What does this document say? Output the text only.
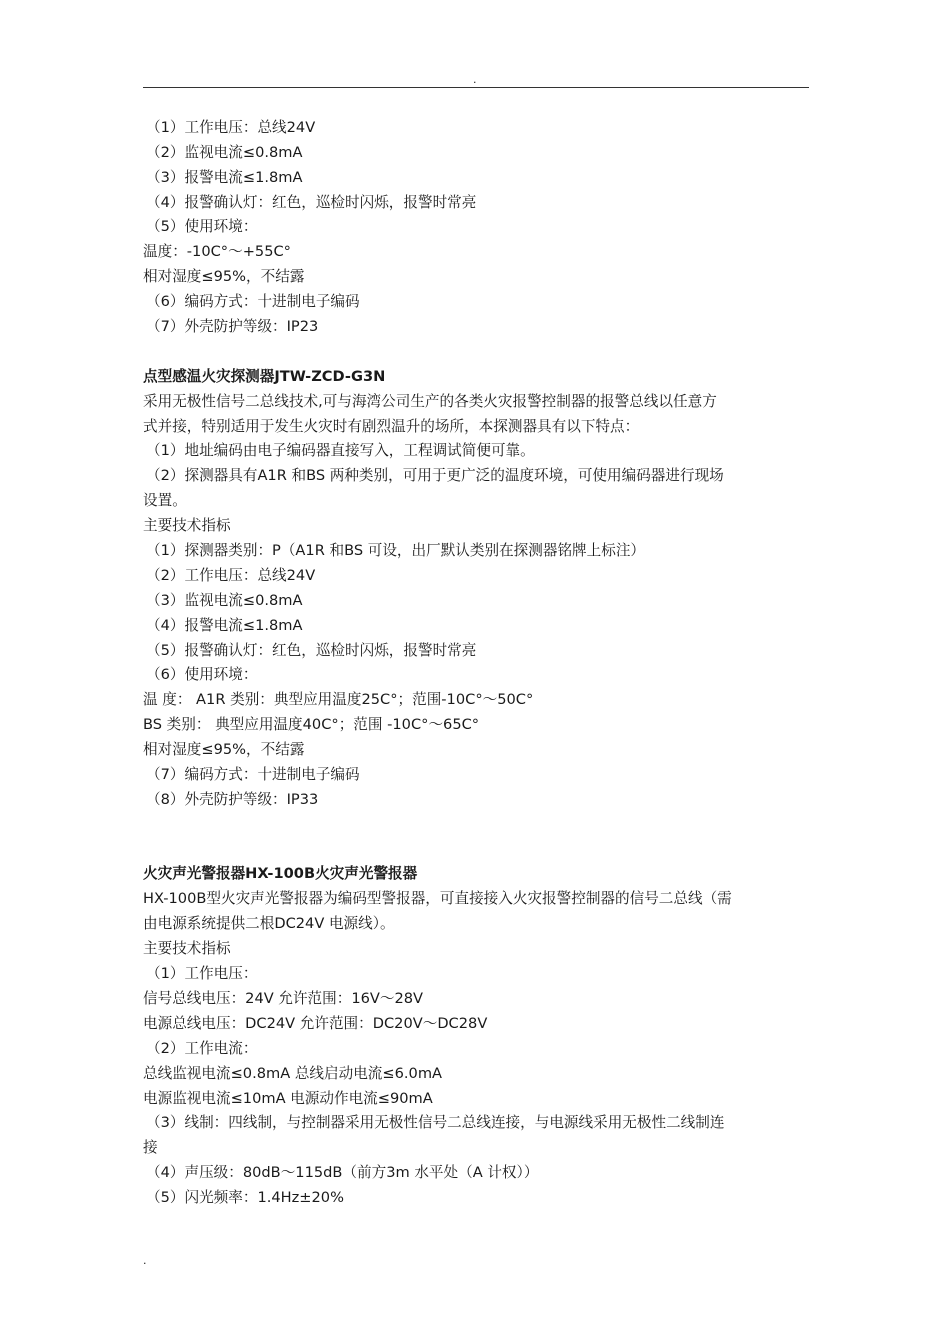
.
（1）工作电压：总线24V
（2）监视电流≤0.8mA
（3）报警电流≤1.8mA
（4）报警确认灯：红色，巡检时闪烁，报警时常亮
（5）使用环境：
温度：-10C°～+55C°
相对湿度≤95%，不结露
（6）编码方式：十进制电子编码
（7）外壳防护等级：IP23
点型感温火灾探测器JTW-ZCD-G3N
采用无极性信号二总线技术,可与海湾公司生产的各类火灾报警控制器的报警总线以任意方
式并接，特别适用于发生火灾时有剧烈温升的场所，本探测器具有以下特点：
（1）地址编码由电子编码器直接写入，工程调试简便可靠。
（2）探测器具有A1R 和BS 两种类别，可用于更广泛的温度环境，可使用编码器进行现场
设置。
主要技术指标
（1）探测器类别：P（A1R 和BS 可设，出厂默认类别在探测器铭牌上标注）
（2）工作电压：总线24V
（3）监视电流≤0.8mA
（4）报警电流≤1.8mA
（5）报警确认灯：红色，巡检时闪烁，报警时常亮
（6）使用环境：
温 度： A1R 类别：典型应用温度25C°；范围-10C°～50C°
BS 类别： 典型应用温度40C°；范围 -10C°～65C°
相对湿度≤95%，不结露
（7）编码方式：十进制电子编码
（8）外壳防护等级：IP33
火灾声光警报器HX-100B火灾声光警报器
HX-100B型火灾声光警报器为编码型警报器，可直接接入火灾报警控制器的信号二总线（需
由电源系统提供二根DC24V 电源线）。
主要技术指标
（1）工作电压：
信号总线电压：24V 允许范围：16V～28V
电源总线电压：DC24V 允许范围：DC20V～DC28V
（2）工作电流：
总线监视电流≤0.8mA 总线启动电流≤6.0mA
电源监视电流≤10mA 电源动作电流≤90mA
（3）线制：四线制，与控制器采用无极性信号二总线连接，与电源线采用无极性二线制连
接
（4）声压级：80dB～115dB（前方3m 水平处（A 计权））
（5）闪光频率：1.4Hz±20%
.
